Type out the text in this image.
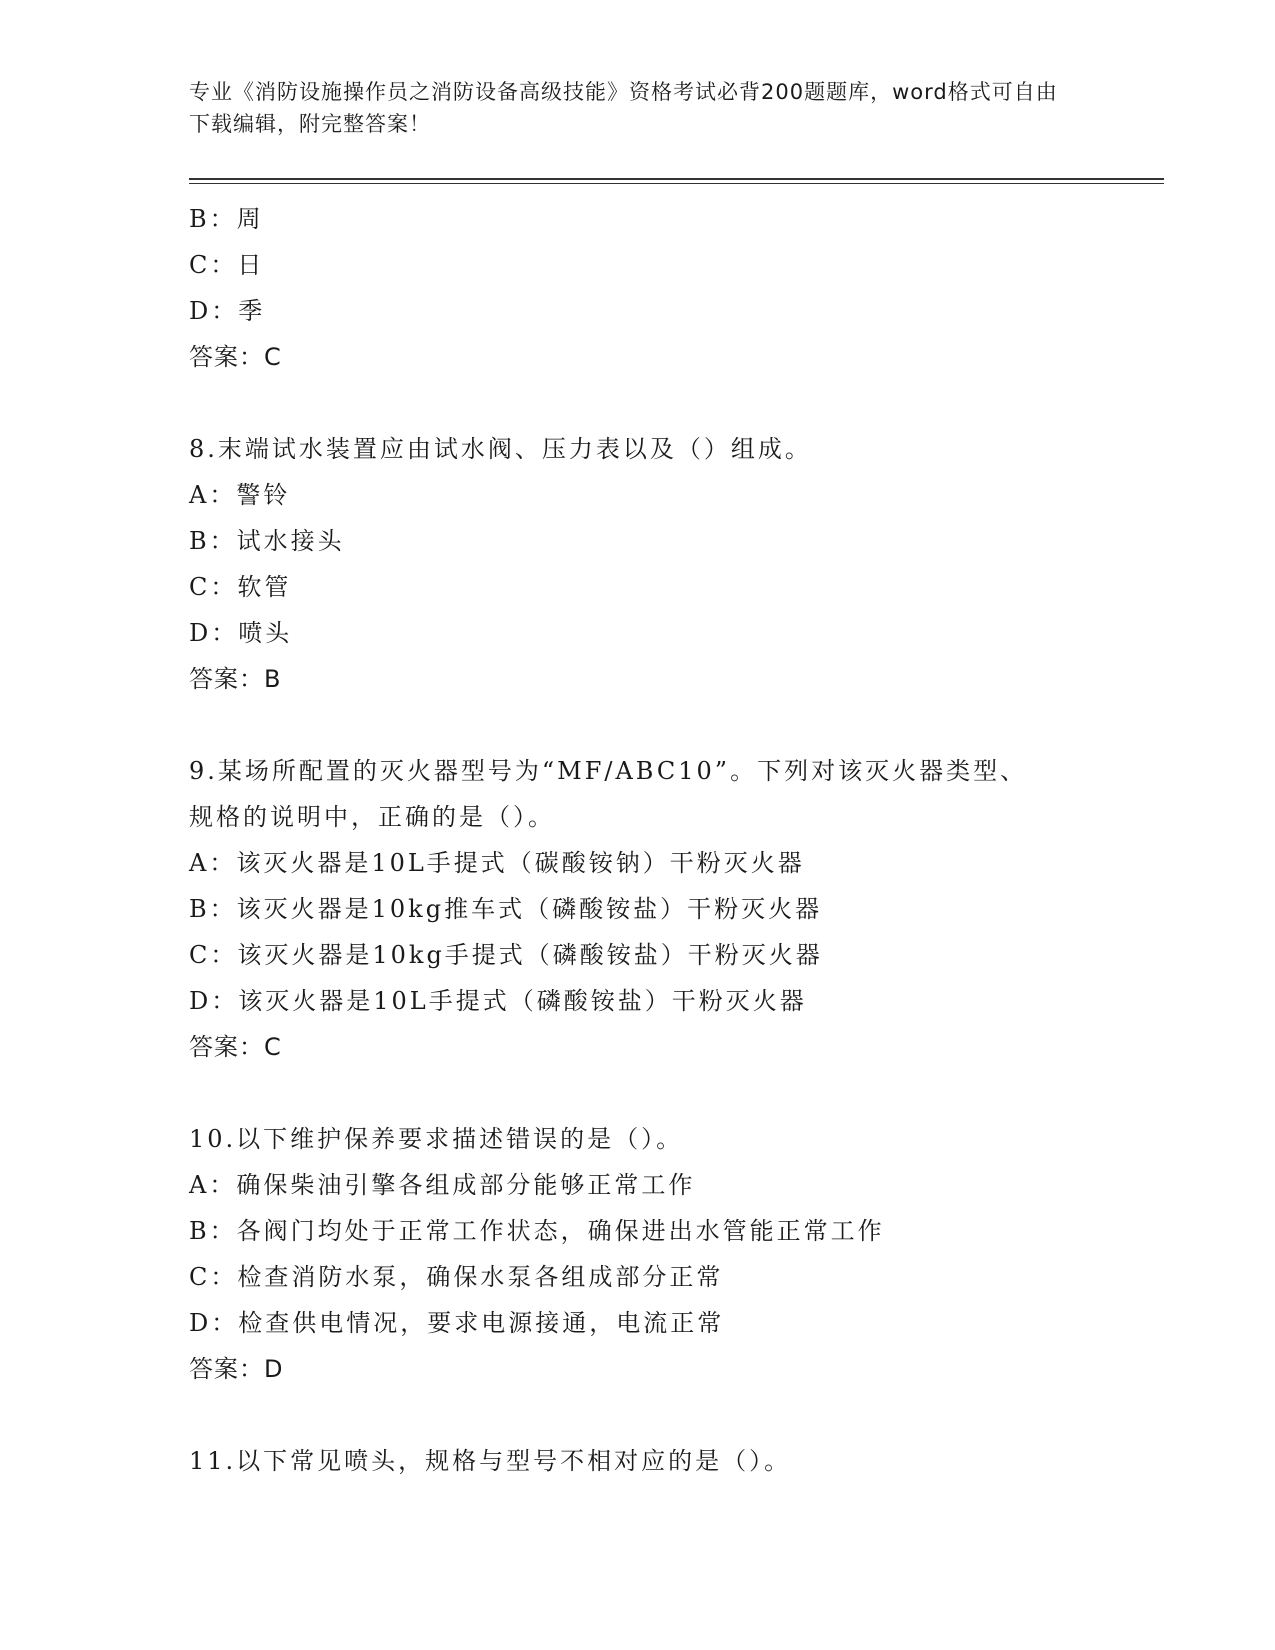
专业《消防设施操作员之消防设备高级技能》资格考试必背200题题库，word格式可自由下载编辑，附完整答案！
B：周
C：日
D：季
答案：C
8.末端试水装置应由试水阀、压力表以及（）组成。
A：警铃
B：试水接头
C：软管
D：喷头
答案：B
9.某场所配置的灭火器型号为“MF/ABC10”。下列对该灭火器类型、
规格的说明中，正确的是（）。
A：该灭火器是10L手提式（碳酸铵钠）干粉灭火器
B：该灭火器是10kg推车式（磷酸铵盐）干粉灭火器
C：该灭火器是10kg手提式（磷酸铵盐）干粉灭火器
D：该灭火器是10L手提式（磷酸铵盐）干粉灭火器
答案：C
10.以下维护保养要求描述错误的是（）。
A：确保柴油引擎各组成部分能够正常工作
B：各阀门均处于正常工作状态，确保进出水管能正常工作
C：检查消防水泵，确保水泵各组成部分正常
D：检查供电情况，要求电源接通，电流正常
答案：D
11.以下常见喷头，规格与型号不相对应的是（）。
